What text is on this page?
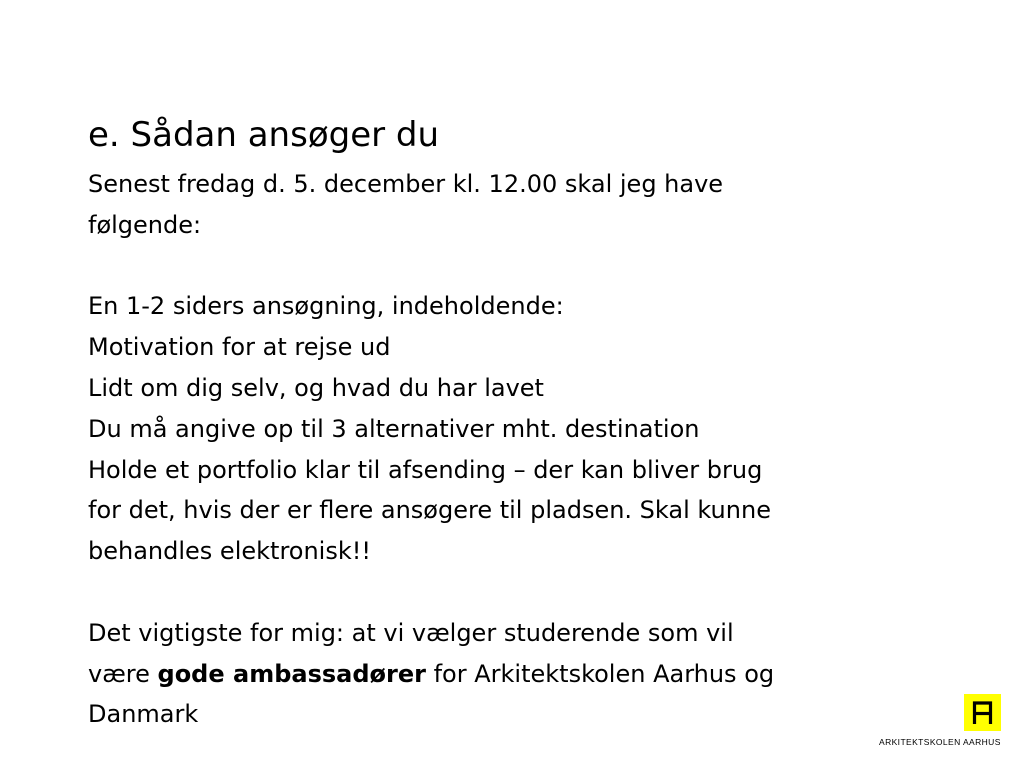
e. Sådan ansøger du
Senest fredag d. 5. december kl. 12.00 skal jeg have
følgende:
En 1-2 siders ansøgning, indeholdende:
Motivation for at rejse ud
Lidt om dig selv, og hvad du har lavet
Du må angive op til 3 alternativer mht. destination
Holde et portfolio klar til afsending – der kan bliver brug
for det, hvis der er flere ansøgere til pladsen. Skal kunne
behandles elektronisk!!
Det vigtigste for mig: at vi vælger studerende som vil
være gode ambassadører for Arkitektskolen Aarhus og
Danmark
ARKITEKTSKOLEN AARHUS
